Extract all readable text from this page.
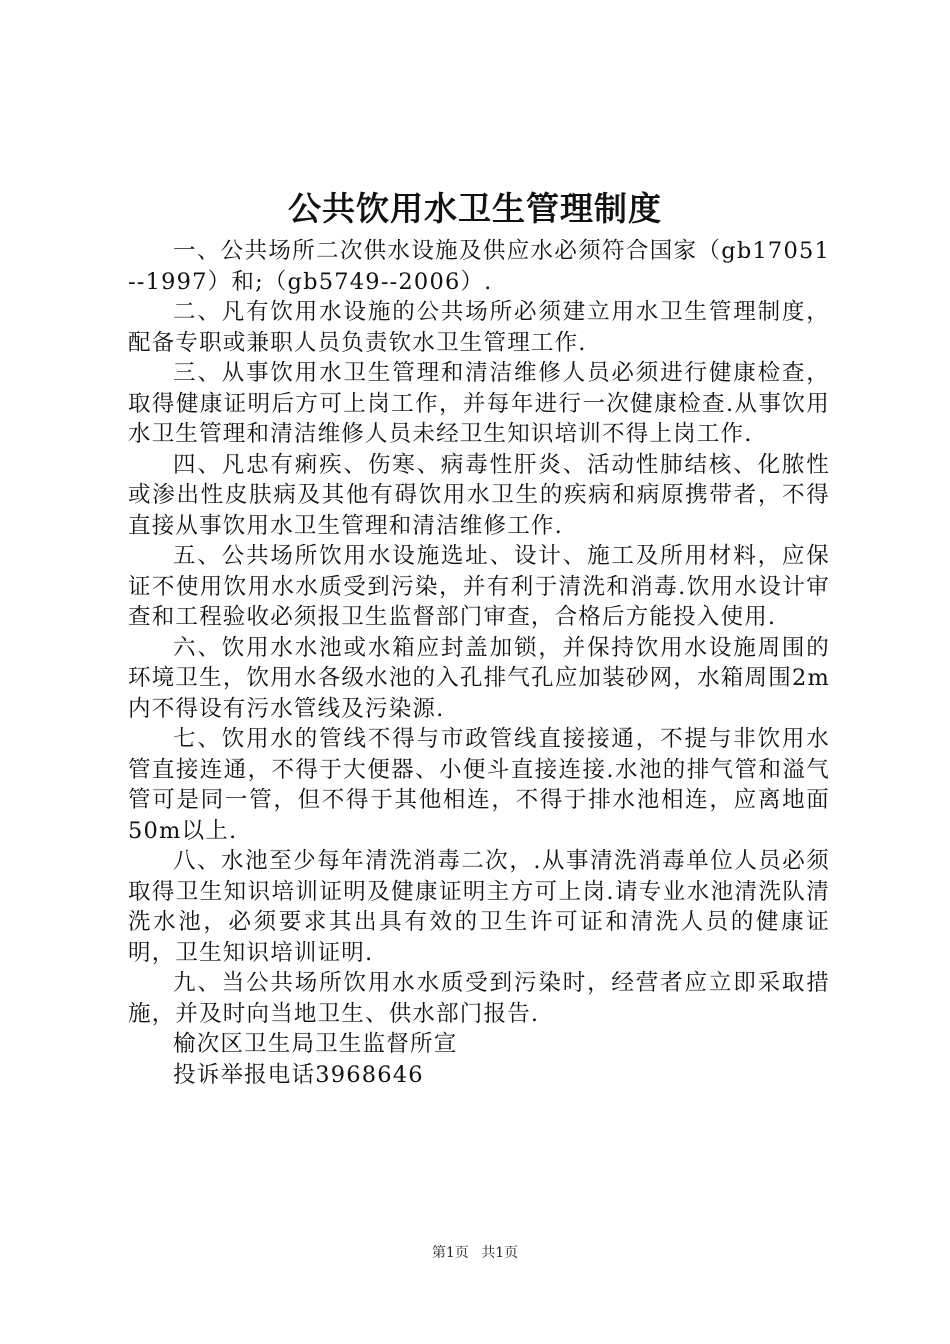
公共饮用水卫生管理制度

一、公共场所二次供水设施及供应水必须符合国家（gb17051--1997）和;（gb5749--2006）.

二、凡有饮用水设施的公共场所必须建立用水卫生管理制度，配备专职或兼职人员负责钦水卫生管理工作.

三、从事饮用水卫生管理和清洁维修人员必须进行健康检查，取得健康证明后方可上岗工作，并每年进行一次健康检查.从事饮用水卫生管理和清洁维修人员未经卫生知识培训不得上岗工作.

四、凡忠有痢疾、伤寒、病毒性肝炎、活动性肺结核、化脓性或渗出性皮肤病及其他有碍饮用水卫生的疾病和病原携带者，不得直接从事饮用水卫生管理和清洁维修工作.

五、公共场所饮用水设施选址、设计、施工及所用材料，应保证不使用饮用水水质受到污染，并有利于清洗和消毒.饮用水设计审查和工程验收必须报卫生监督部门审查，合格后方能投入使用.

六、饮用水水池或水箱应封盖加锁，并保持饮用水设施周围的环境卫生，饮用水各级水池的入孔排气孔应加装砂网，水箱周围2m内不得设有污水管线及污染源.

七、饮用水的管线不得与市政管线直接接通，不提与非饮用水管直接连通，不得于大便器、小便斗直接连接.水池的排气管和溢气管可是同一管，但不得于其他相连，不得于排水池相连，应离地面50m以上.

八、水池至少每年清洗消毒二次，.从事清洗消毒单位人员必须取得卫生知识培训证明及健康证明主方可上岗.请专业水池清洗队清洗水池，必须要求其出具有效的卫生许可证和清洗人员的健康证明，卫生知识培训证明.

九、当公共场所饮用水水质受到污染时，经营者应立即采取措施，并及时向当地卫生、供水部门报告.

榆次区卫生局卫生监督所宣

投诉举报电话3968646

第1页 共1页
